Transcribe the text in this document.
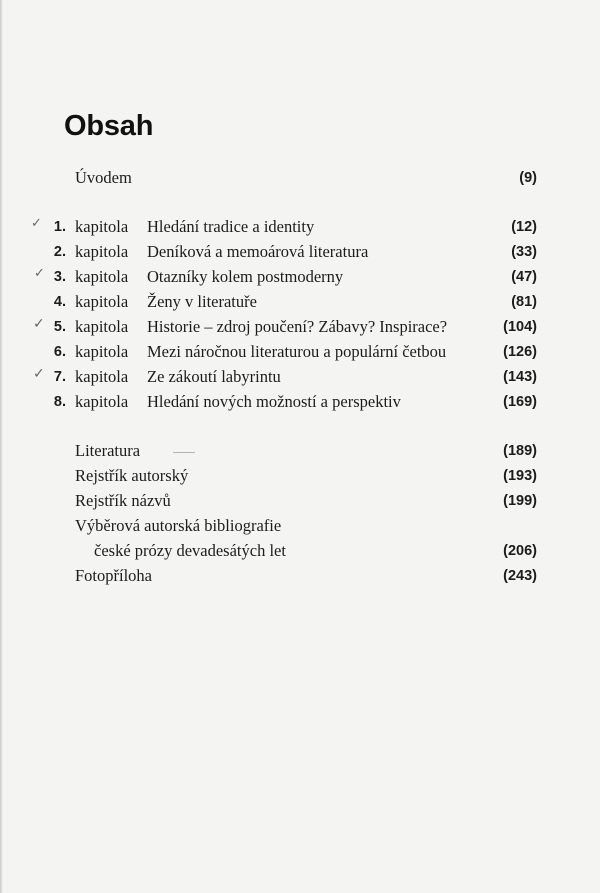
Obsah
Úvodem	(9)
✓ 1. kapitola Hledání tradice a identity	(12)
2. kapitola Deníková a memoárová literatura	(33)
✓ 3. kapitola Otazníky kolem postmoderny	(47)
4. kapitola Ženy v literatuře	(81)
✓ 5. kapitola Historie – zdroj poučení? Zábavy? Inspirace?	(104)
6. kapitola Mezi náročnou literaturou a populární četbou	(126)
✓ 7. kapitola Ze zákoutí labyrintu	(143)
8. kapitola Hledání nových možností a perspektiv	(169)
Literatura	(189)
Rejstřík autorský	(193)
Rejstřík názvů	(199)
Výběrová autorská bibliografie
české prózy devadesátých let	(206)
Fotopříloha	(243)
